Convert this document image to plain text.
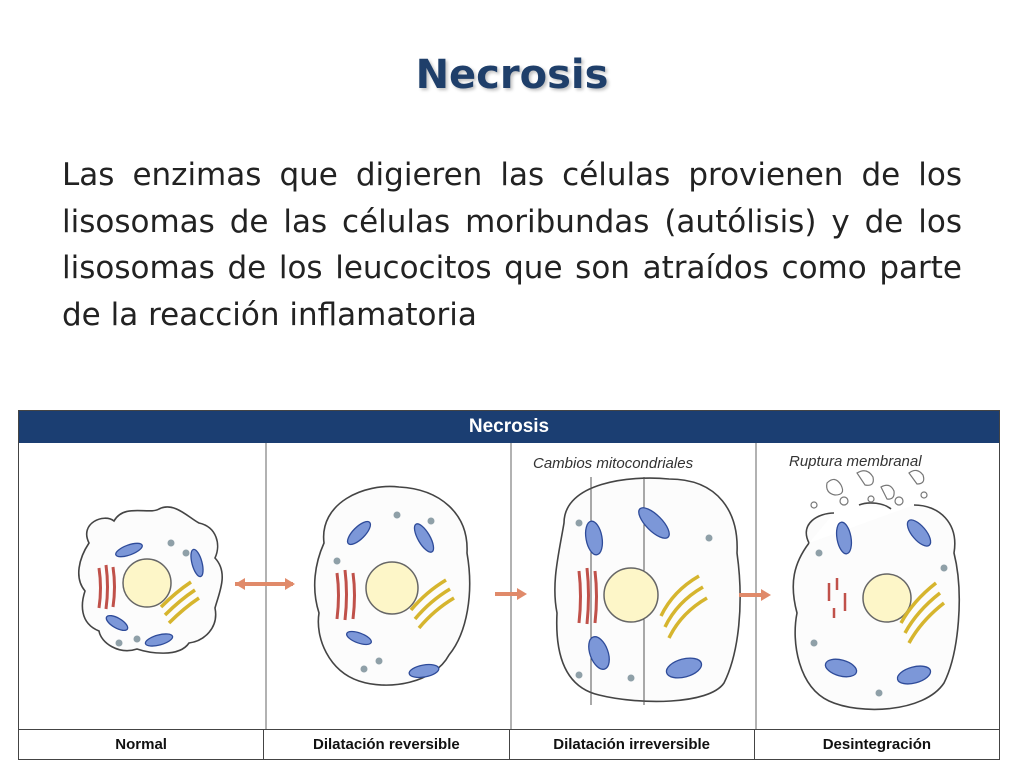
Necrosis
Las enzimas que digieren las células provienen de los lisosomas de las células moribundas (autólisis) y de los lisosomas de los leucocitos que son atraídos como parte de la reacción inflamatoria
Necrosis
Cambios mitocondriales	Ruptura membranal
Normal	Dilatación reversible	Dilatación irreversible	Desintegración
